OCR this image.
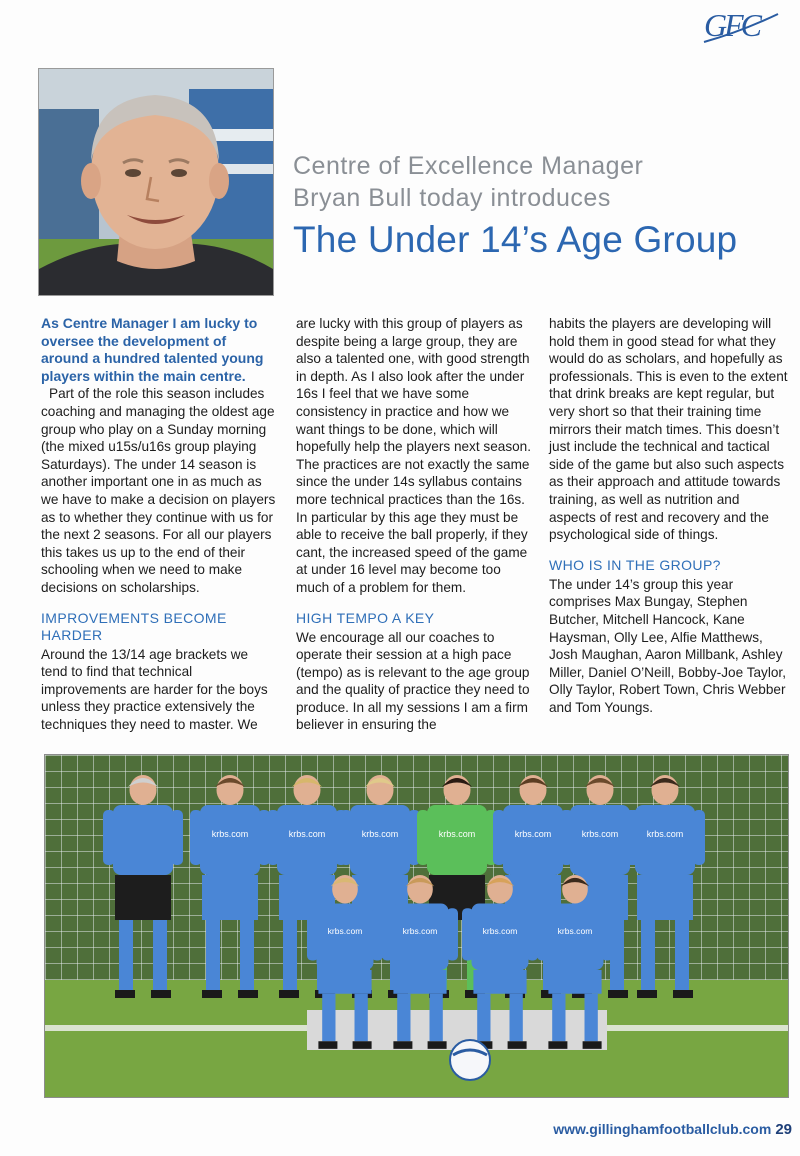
GFC
Centre of Excellence Manager
Bryan Bull today introduces
The Under 14’s Age Group

As Centre Manager I am lucky to oversee the development of around a hundred talented young players within the main centre.

Part of the role this season includes coaching and managing the oldest age group who play on a Sunday morning (the mixed u15s/u16s group playing Saturdays). The under 14 season is another important one in as much as we have to make a decision on players as to whether they continue with us for the next 2 seasons. For all our players this takes us up to the end of their schooling when we need to make decisions on scholarships.

IMPROVEMENTS BECOME HARDER

Around the 13/14 age brackets we tend to find that technical improvements are harder for the boys unless they practice extensively the techniques they need to master. We

are lucky with this group of players as despite being a large group, they are also a talented one, with good strength in depth. As I also look after the under 16s I feel that we have some consistency in practice and how we want things to be done, which will hopefully help the players next season. The practices are not exactly the same since the under 14s syllabus contains more technical practices than the 16s. In particular by this age they must be able to receive the ball properly, if they cant, the increased speed of the game at under 16 level may become too much of a problem for them.

HIGH TEMPO A KEY

We encourage all our coaches to operate their session at a high pace (tempo) as is relevant to the age group and the quality of practice they need to produce. In all my sessions I am a firm believer in ensuring the

habits the players are developing will hold them in good stead for what they would do as scholars, and hopefully as professionals. This is even to the extent that drink breaks are kept regular, but very short so that their training time mirrors their match times. This doesn’t just include the technical and tactical side of the game but also such aspects as their approach and attitude towards training, as well as nutrition and aspects of rest and recovery and the psychological side of things.

WHO IS IN THE GROUP?

The under 14’s group this year comprises Max Bungay, Stephen Butcher, Mitchell Hancock, Kane Haysman, Olly Lee, Alfie Matthews, Josh Maughan, Aaron Millbank, Ashley Miller, Daniel O’Neill, Bobby-Joe Taylor, Olly Taylor, Robert Town, Chris Webber and Tom Youngs.

krbs.com	krbs.com	krbs.com	krbs.com	krbs.com	krbs.com	krbs.com
krbs.com	krbs.com	krbs.com	krbs.com
www.gillinghamfootballclub.com 29
